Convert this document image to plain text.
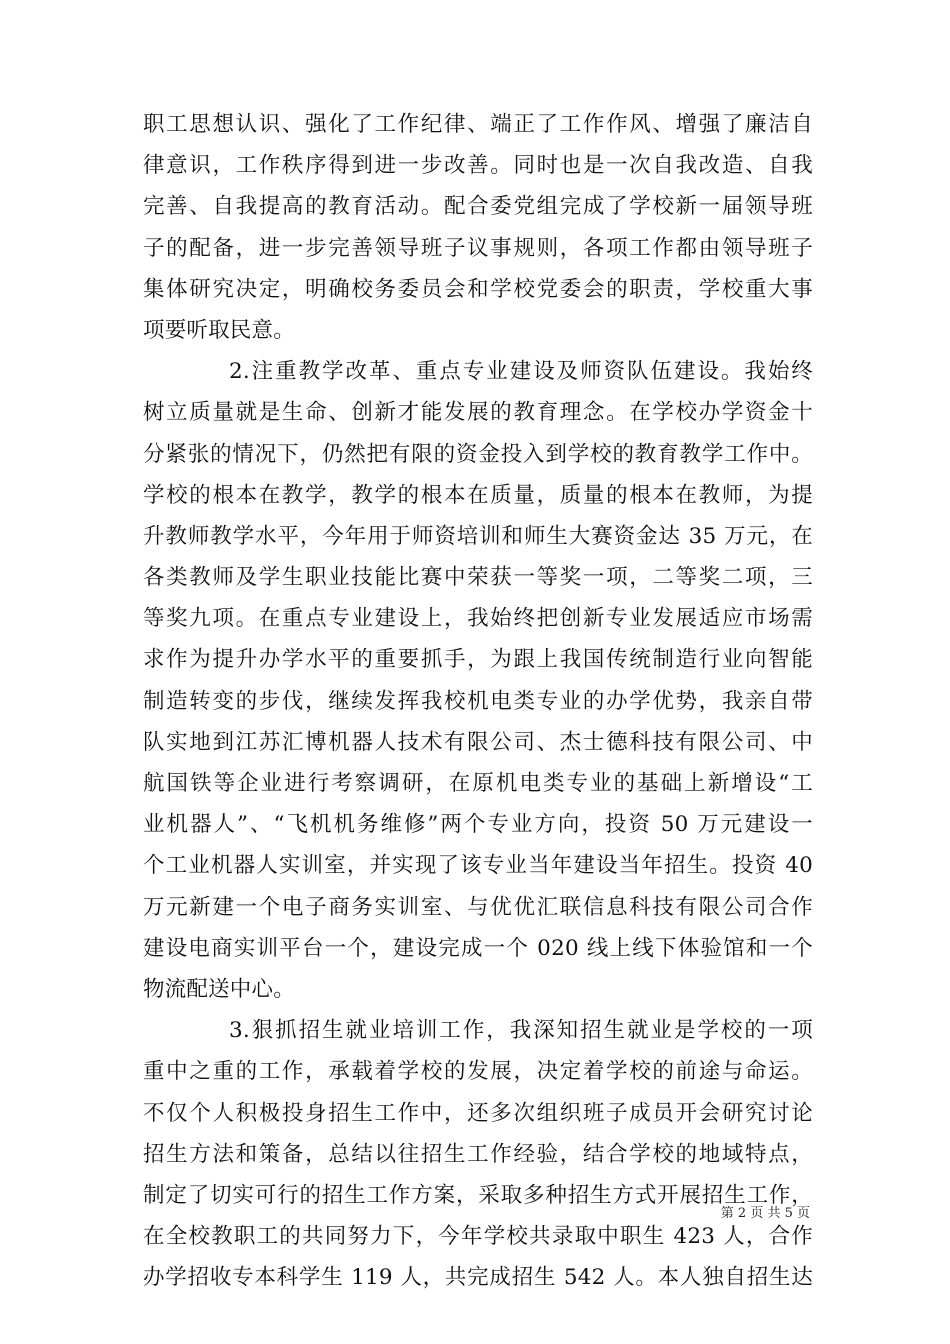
职工思想认识、强化了工作纪律、端正了工作作风、增强了廉洁自
律意识，工作秩序得到进一步改善。同时也是一次自我改造、自我
完善、自我提高的教育活动。配合委党组完成了学校新一届领导班
子的配备，进一步完善领导班子议事规则，各项工作都由领导班子
集体研究决定，明确校务委员会和学校党委会的职责，学校重大事
项要听取民意。
2.注重教学改革、重点专业建设及师资队伍建设。我始终
树立质量就是生命、创新才能发展的教育理念。在学校办学资金十
分紧张的情况下，仍然把有限的资金投入到学校的教育教学工作中。
学校的根本在教学，教学的根本在质量，质量的根本在教师，为提
升教师教学水平，今年用于师资培训和师生大赛资金达 35 万元，在
各类教师及学生职业技能比赛中荣获一等奖一项，二等奖二项，三
等奖九项。在重点专业建设上，我始终把创新专业发展适应市场需
求作为提升办学水平的重要抓手，为跟上我国传统制造行业向智能
制造转变的步伐，继续发挥我校机电类专业的办学优势，我亲自带
队实地到江苏汇博机器人技术有限公司、杰士德科技有限公司、中
航国铁等企业进行考察调研，在原机电类专业的基础上新增设“工
业机器人”、“飞机机务维修”两个专业方向，投资 50 万元建设一
个工业机器人实训室，并实现了该专业当年建设当年招生。投资 40
万元新建一个电子商务实训室、与优优汇联信息科技有限公司合作
建设电商实训平台一个，建设完成一个 020 线上线下体验馆和一个
物流配送中心。
3.狠抓招生就业培训工作，我深知招生就业是学校的一项
重中之重的工作，承载着学校的发展，决定着学校的前途与命运。
不仅个人积极投身招生工作中，还多次组织班子成员开会研究讨论
招生方法和策备，总结以往招生工作经验，结合学校的地域特点，
制定了切实可行的招生工作方案，采取多种招生方式开展招生工作，
在全校教职工的共同努力下，今年学校共录取中职生 423 人，合作
办学招收专本科学生 119 人，共完成招生 542 人。本人独自招生达
第 2 页 共 5 页
